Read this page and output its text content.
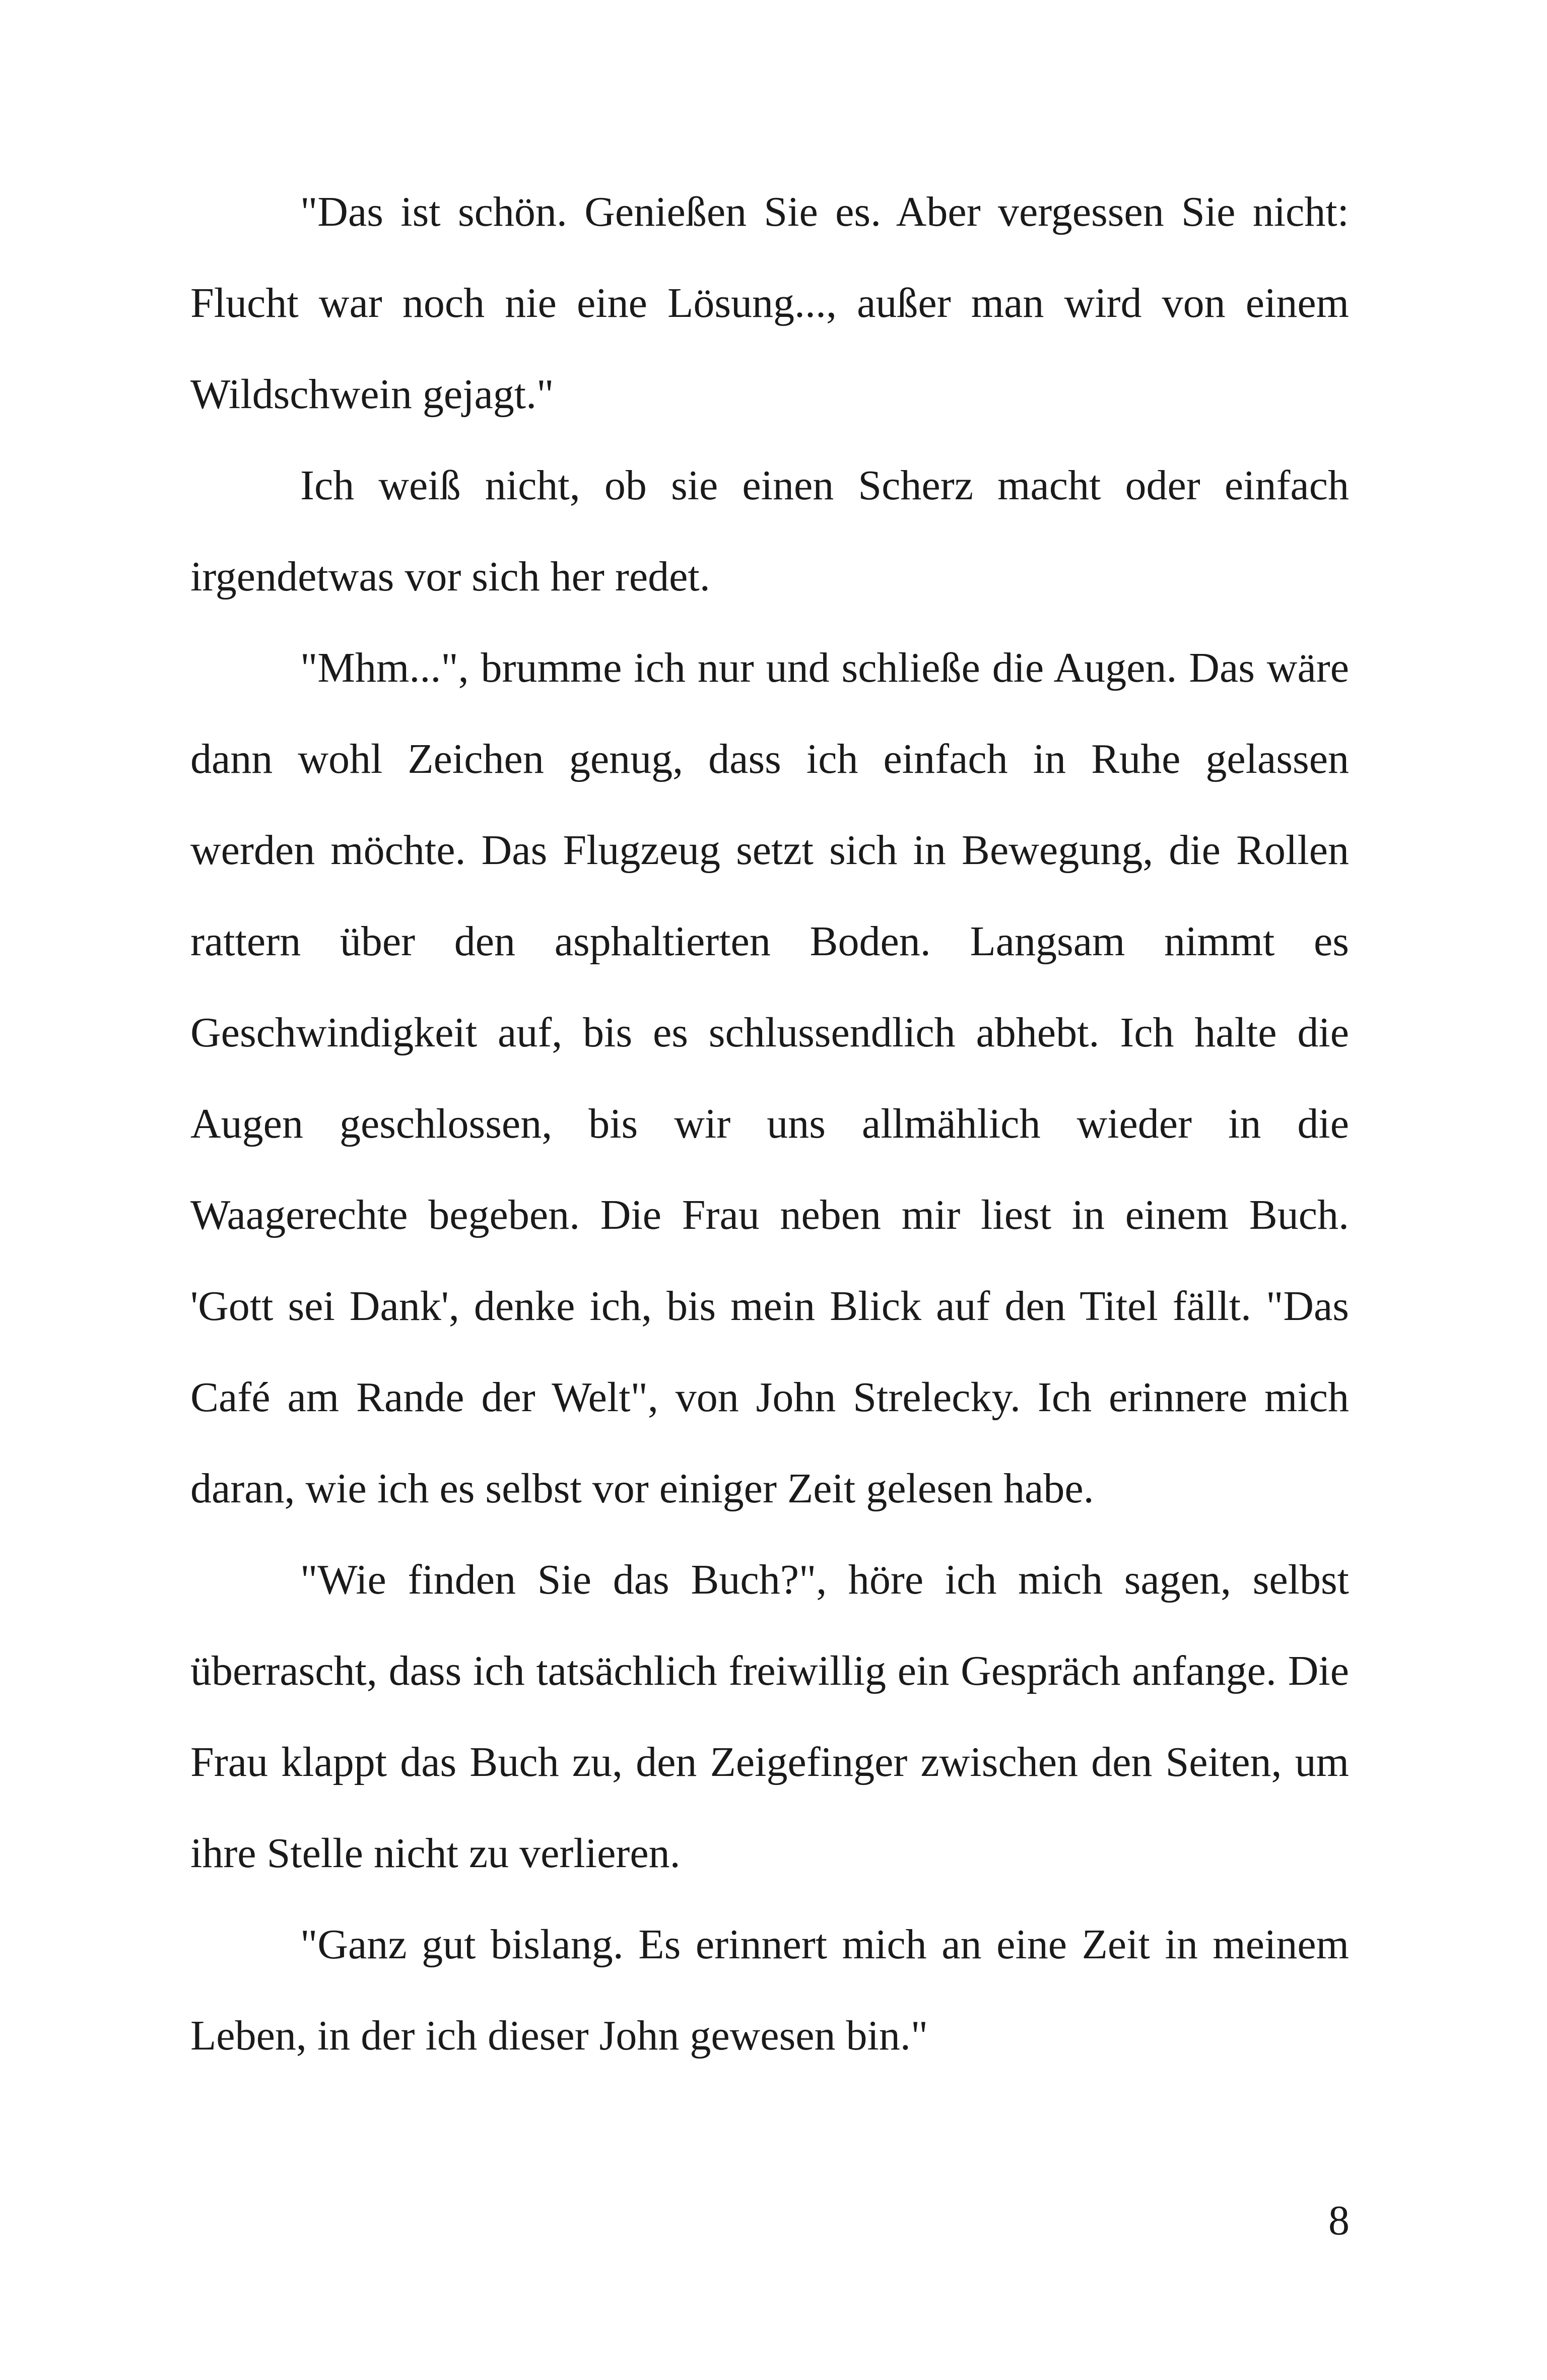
"Das ist schön. Genießen Sie es. Aber vergessen Sie nicht: Flucht war noch nie eine Lösung..., außer man wird von einem Wildschwein gejagt."

Ich weiß nicht, ob sie einen Scherz macht oder einfach irgendetwas vor sich her redet.

"Mhm...", brumme ich nur und schließe die Augen. Das wäre dann wohl Zeichen genug, dass ich einfach in Ruhe gelassen werden möchte. Das Flugzeug setzt sich in Bewegung, die Rollen rattern über den asphaltierten Boden. Langsam nimmt es Geschwindigkeit auf, bis es schlussendlich abhebt. Ich halte die Augen geschlossen, bis wir uns allmählich wieder in die Waagerechte begeben. Die Frau neben mir liest in einem Buch. 'Gott sei Dank', denke ich, bis mein Blick auf den Titel fällt. "Das Café am Rande der Welt", von John Strelecky. Ich erinnere mich daran, wie ich es selbst vor einiger Zeit gelesen habe.

"Wie finden Sie das Buch?", höre ich mich sagen, selbst überrascht, dass ich tatsächlich freiwillig ein Gespräch anfange. Die Frau klappt das Buch zu, den Zeigefinger zwischen den Seiten, um ihre Stelle nicht zu verlieren.

"Ganz gut bislang. Es erinnert mich an eine Zeit in meinem Leben, in der ich dieser John gewesen bin."

8
